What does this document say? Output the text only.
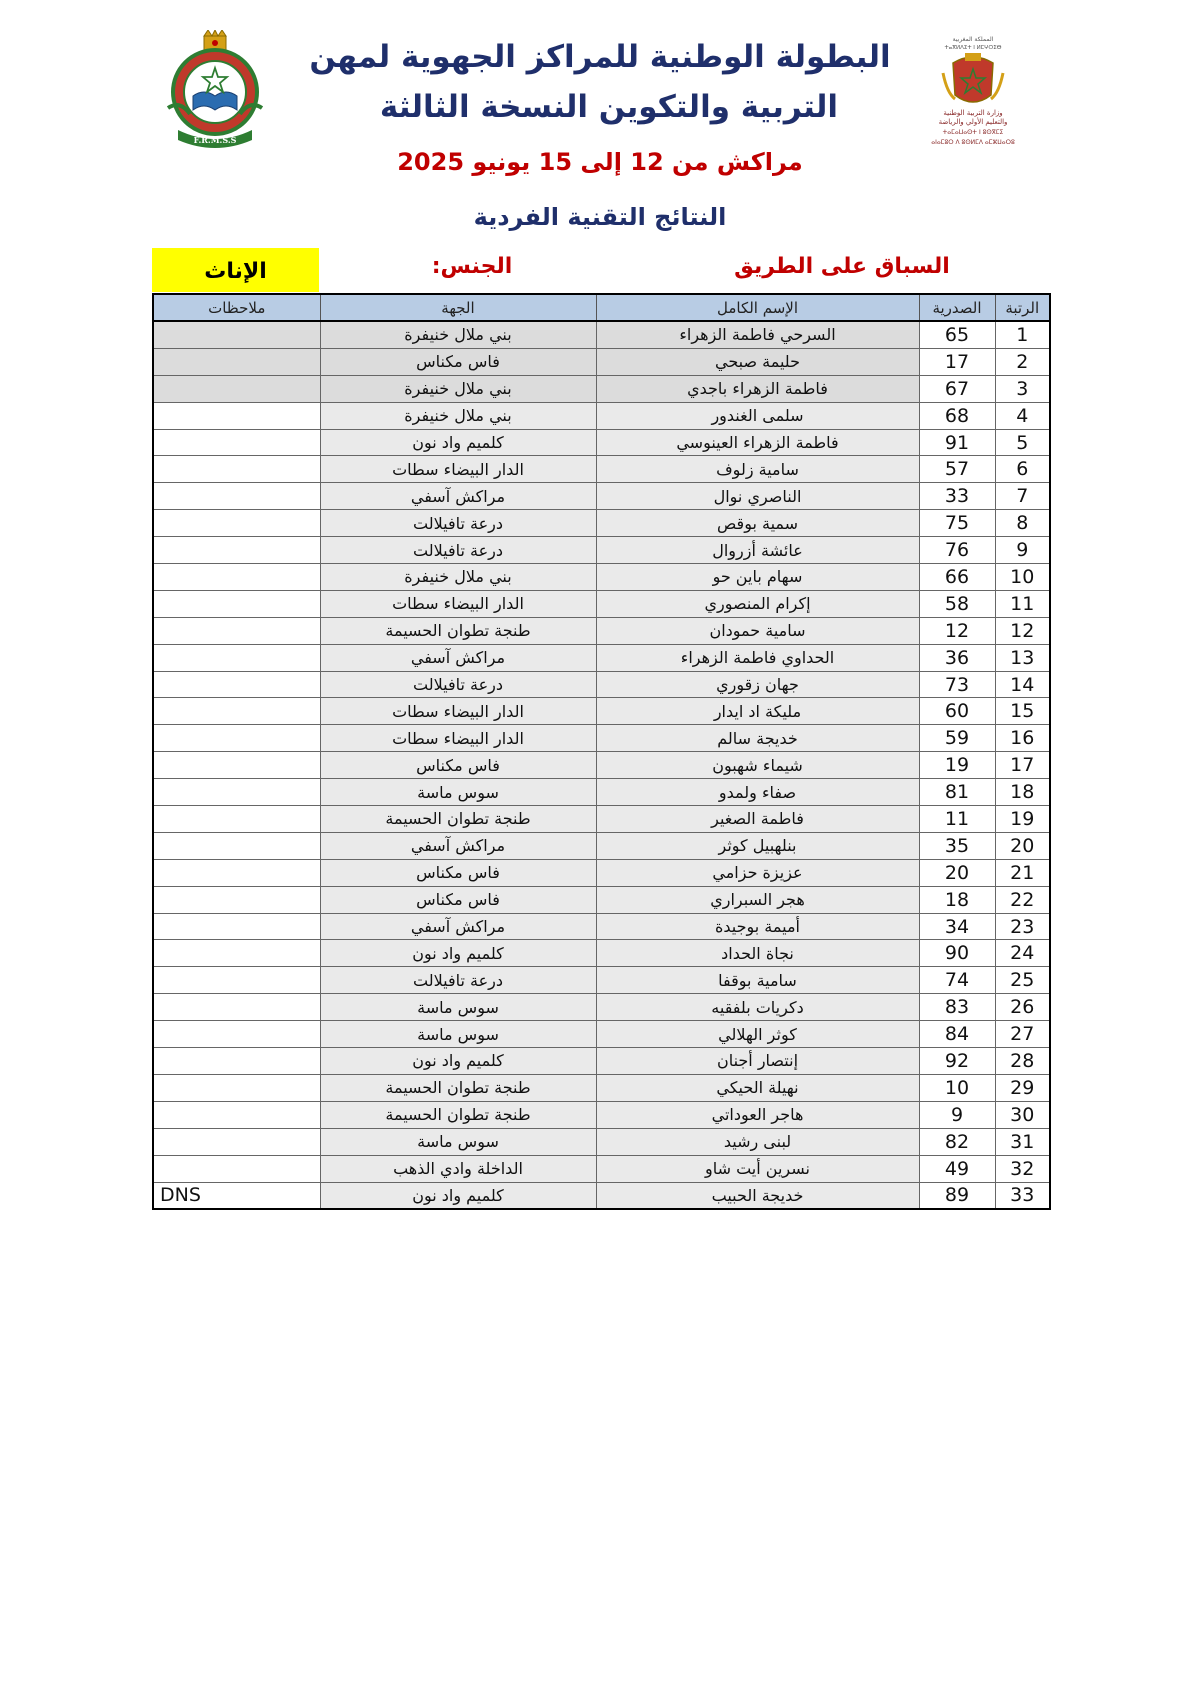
F.R.M.S.S
المملكة المغربية
ⵜⴰⴳⵍⴷⵉⵜ ⵏ ⵍⵎⵖⵔⵉⴱ
وزارة التربية الوطنية
والتعليم الأولي والرياضة
ⵜⴰⵎⴰⵡⴰⵙⵜ ⵏ ⵓⵙⴳⵎⵉ
ⴰⵏⴰⵎⵓⵔ ⴷ ⵓⵙⵍⵎⴷ ⴰⵎⵣⵡⴰⵔⵓ
البطولة الوطنية للمراكز الجهوية لمهن
التربية والتكوين النسخة الثالثة
مراكش من 12 إلى 15 يونيو 2025
النتائج التقنية الفردية
الإناث	الجنس:	السباق على الطريق
ملاحظات	الجهة	الإسم الكامل	الصدرية	الرتبة
	بني ملال خنيفرة	السرحي فاطمة الزهراء	65	1
	فاس مكناس	حليمة صبحي	17	2
	بني ملال خنيفرة	فاطمة الزهراء باجدي	67	3
	بني ملال خنيفرة	سلمى الغندور	68	4
	كلميم واد نون	فاطمة الزهراء العينوسي	91	5
	الدار البيضاء سطات	سامية زلوف	57	6
	مراكش آسفي	الناصري نوال	33	7
	درعة تافيلالت	سمية بوقص	75	8
	درعة تافيلالت	عائشة أزروال	76	9
	بني ملال خنيفرة	سهام باين حو	66	10
	الدار البيضاء سطات	إكرام المنصوري	58	11
	طنجة تطوان الحسيمة	سامية حمودان	12	12
	مراكش آسفي	الحداوي فاطمة الزهراء	36	13
	درعة تافيلالت	جهان زقوري	73	14
	الدار البيضاء سطات	مليكة اد ايدار	60	15
	الدار البيضاء سطات	خديجة سالم	59	16
	فاس مكناس	شيماء شهبون	19	17
	سوس ماسة	صفاء ولمدو	81	18
	طنجة تطوان الحسيمة	فاطمة الصغير	11	19
	مراكش آسفي	بنلهبيل كوثر	35	20
	فاس مكناس	عزيزة حزامي	20	21
	فاس مكناس	هجر السبراري	18	22
	مراكش آسفي	أميمة بوجيدة	34	23
	كلميم واد نون	نجاة الحداد	90	24
	درعة تافيلالت	سامية بوقفا	74	25
	سوس ماسة	دكريات بلفقيه	83	26
	سوس ماسة	كوثر الهلالي	84	27
	كلميم واد نون	إنتصار أجنان	92	28
	طنجة تطوان الحسيمة	نهيلة الحيكي	10	29
	طنجة تطوان الحسيمة	هاجر العوداتي	9	30
	سوس ماسة	لبنى رشيد	82	31
	الداخلة وادي الذهب	نسرين أيت شاو	49	32
DNS	كلميم واد نون	خديجة الحبيب	89	33
